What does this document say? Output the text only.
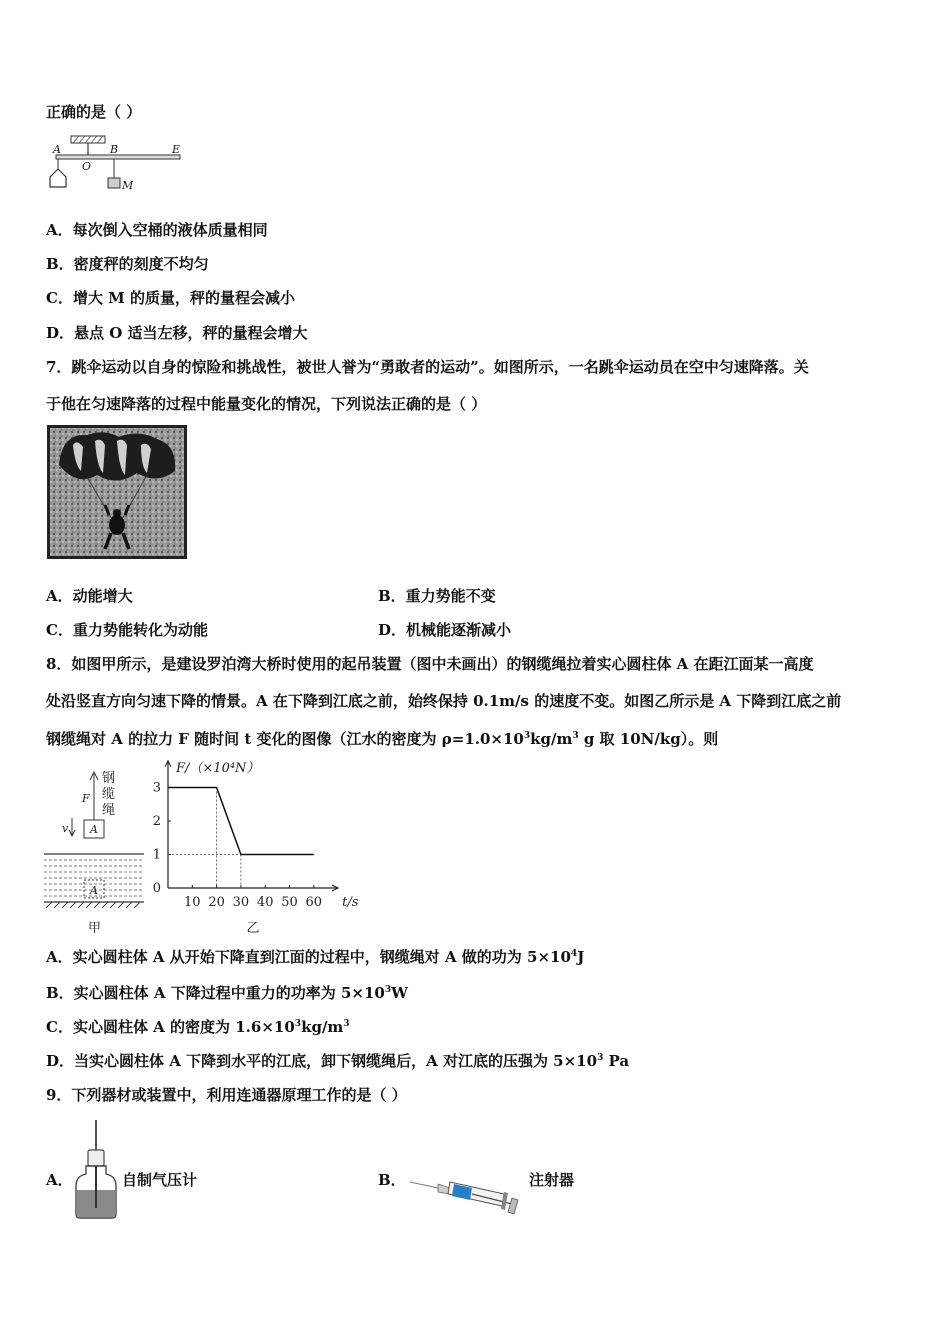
正确的是（ ）
A
O
B	E
M
A．每次倒入空桶的液体质量相同
B．密度秤的刻度不均匀
C．增大 M 的质量，秤的量程会减小
D．悬点 O 适当左移，秤的量程会增大
7．跳伞运动以自身的惊险和挑战性，被世人誉为“勇敢者的运动”。如图所示，一名跳伞运动员在空中匀速降落。关
于他在匀速降落的过程中能量变化的情况，下列说法正确的是（ ）
A．动能增大	B．重力势能不变
C．重力势能转化为动能	D．机械能逐渐减小
8．如图甲所示，是建设罗泊湾大桥时使用的起吊装置（图中未画出）的钢缆绳拉着实心圆柱体 A 在距江面某一高度
处沿竖直方向匀速下降的情景。A 在下降到江底之前，始终保持 0.1m/s 的速度不变。如图乙所示是 A 下降到江底之前
钢缆绳对 A 的拉力 F 随时间 t 变化的图像（江水的密度为 $\rho=1.0\times 10^3kg/m^3$ g 取 10N/kg）。则
钢
缆
绳
F
A
v
A
甲
10 20 30 40 50 60
0
1
2
3
F/（×10⁴N）
t/s
乙
A．实心圆柱体 A 从开始下降直到江面的过程中，钢缆绳对 A 做的功为 $5\times 10^4J$
B．实心圆柱体 A 下降过程中重力的功率为 $5\times 10^3W$
C．实心圆柱体 A 的密度为 $1.6\times 10^3kg/m^3$
D．当实心圆柱体 A 下降到水平的江底，卸下钢缆绳后，A 对江底的压强为 $5\times 10^3$ Pa
9．下列器材或装置中，利用连通器原理工作的是（ ）
A．	自制气压计	B．	注射器
